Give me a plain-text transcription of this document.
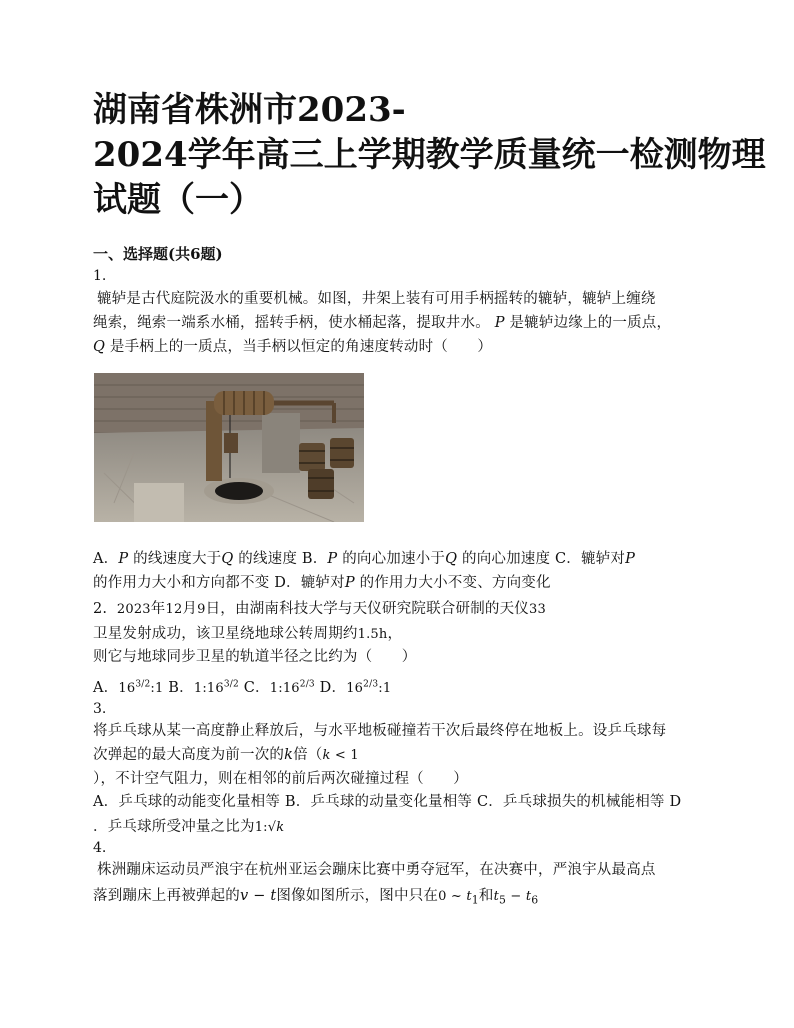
湖南省株洲市2023-
2024学年高三上学期教学质量统一检测物理
试题（一）
一、选择题(共6题)
1.
辘轳是古代庭院汲水的重要机械。如图，井架上装有可用手柄摇转的辘轳，辘轳上缠绕
绳索，绳索一端系水桶，摇转手柄，使水桶起落，提取井水。 P 是辘轳边缘上的一质点，
Q 是手柄上的一质点，当手柄以恒定的角速度转动时（　　）
A．P 的线速度大于Q 的线速度 B．P 的向心加速小于Q 的向心加速度 C．辘轳对P
的作用力大小和方向都不变 D．辘轳对P 的作用力大小不变、方向变化
2. 2023年12月9日，由湖南科技大学与天仪研究院联合研制的天仪33
卫星发射成功，该卫星绕地球公转周期约1.5h，
则它与地球同步卫星的轨道半径之比约为（　　）
A．$16^{3/2}:1$ B．$1:16^{3/2}$ C．$1:16^{2/3}$ D．$16^{2/3}:1$
3.
将乒乓球从某一高度静止释放后，与水平地板碰撞若干次后最终停在地板上。设乒乓球每
次弹起的最大高度为前一次的k倍（k < 1
），不计空气阻力，则在相邻的前后两次碰撞过程（　　）
A．乒乓球的动能变化量相等 B．乒乓球的动量变化量相等 C．乒乓球损失的机械能相等 D
．乒乓球所受冲量之比为1:√k
4.
株洲蹦床运动员严浪宇在杭州亚运会蹦床比赛中勇夺冠军，在决赛中，严浪宇从最高点
落到蹦床上再被弹起的v − t图像如图所示，图中只在0 ~ $t_1$和$t_5 - t_6$
